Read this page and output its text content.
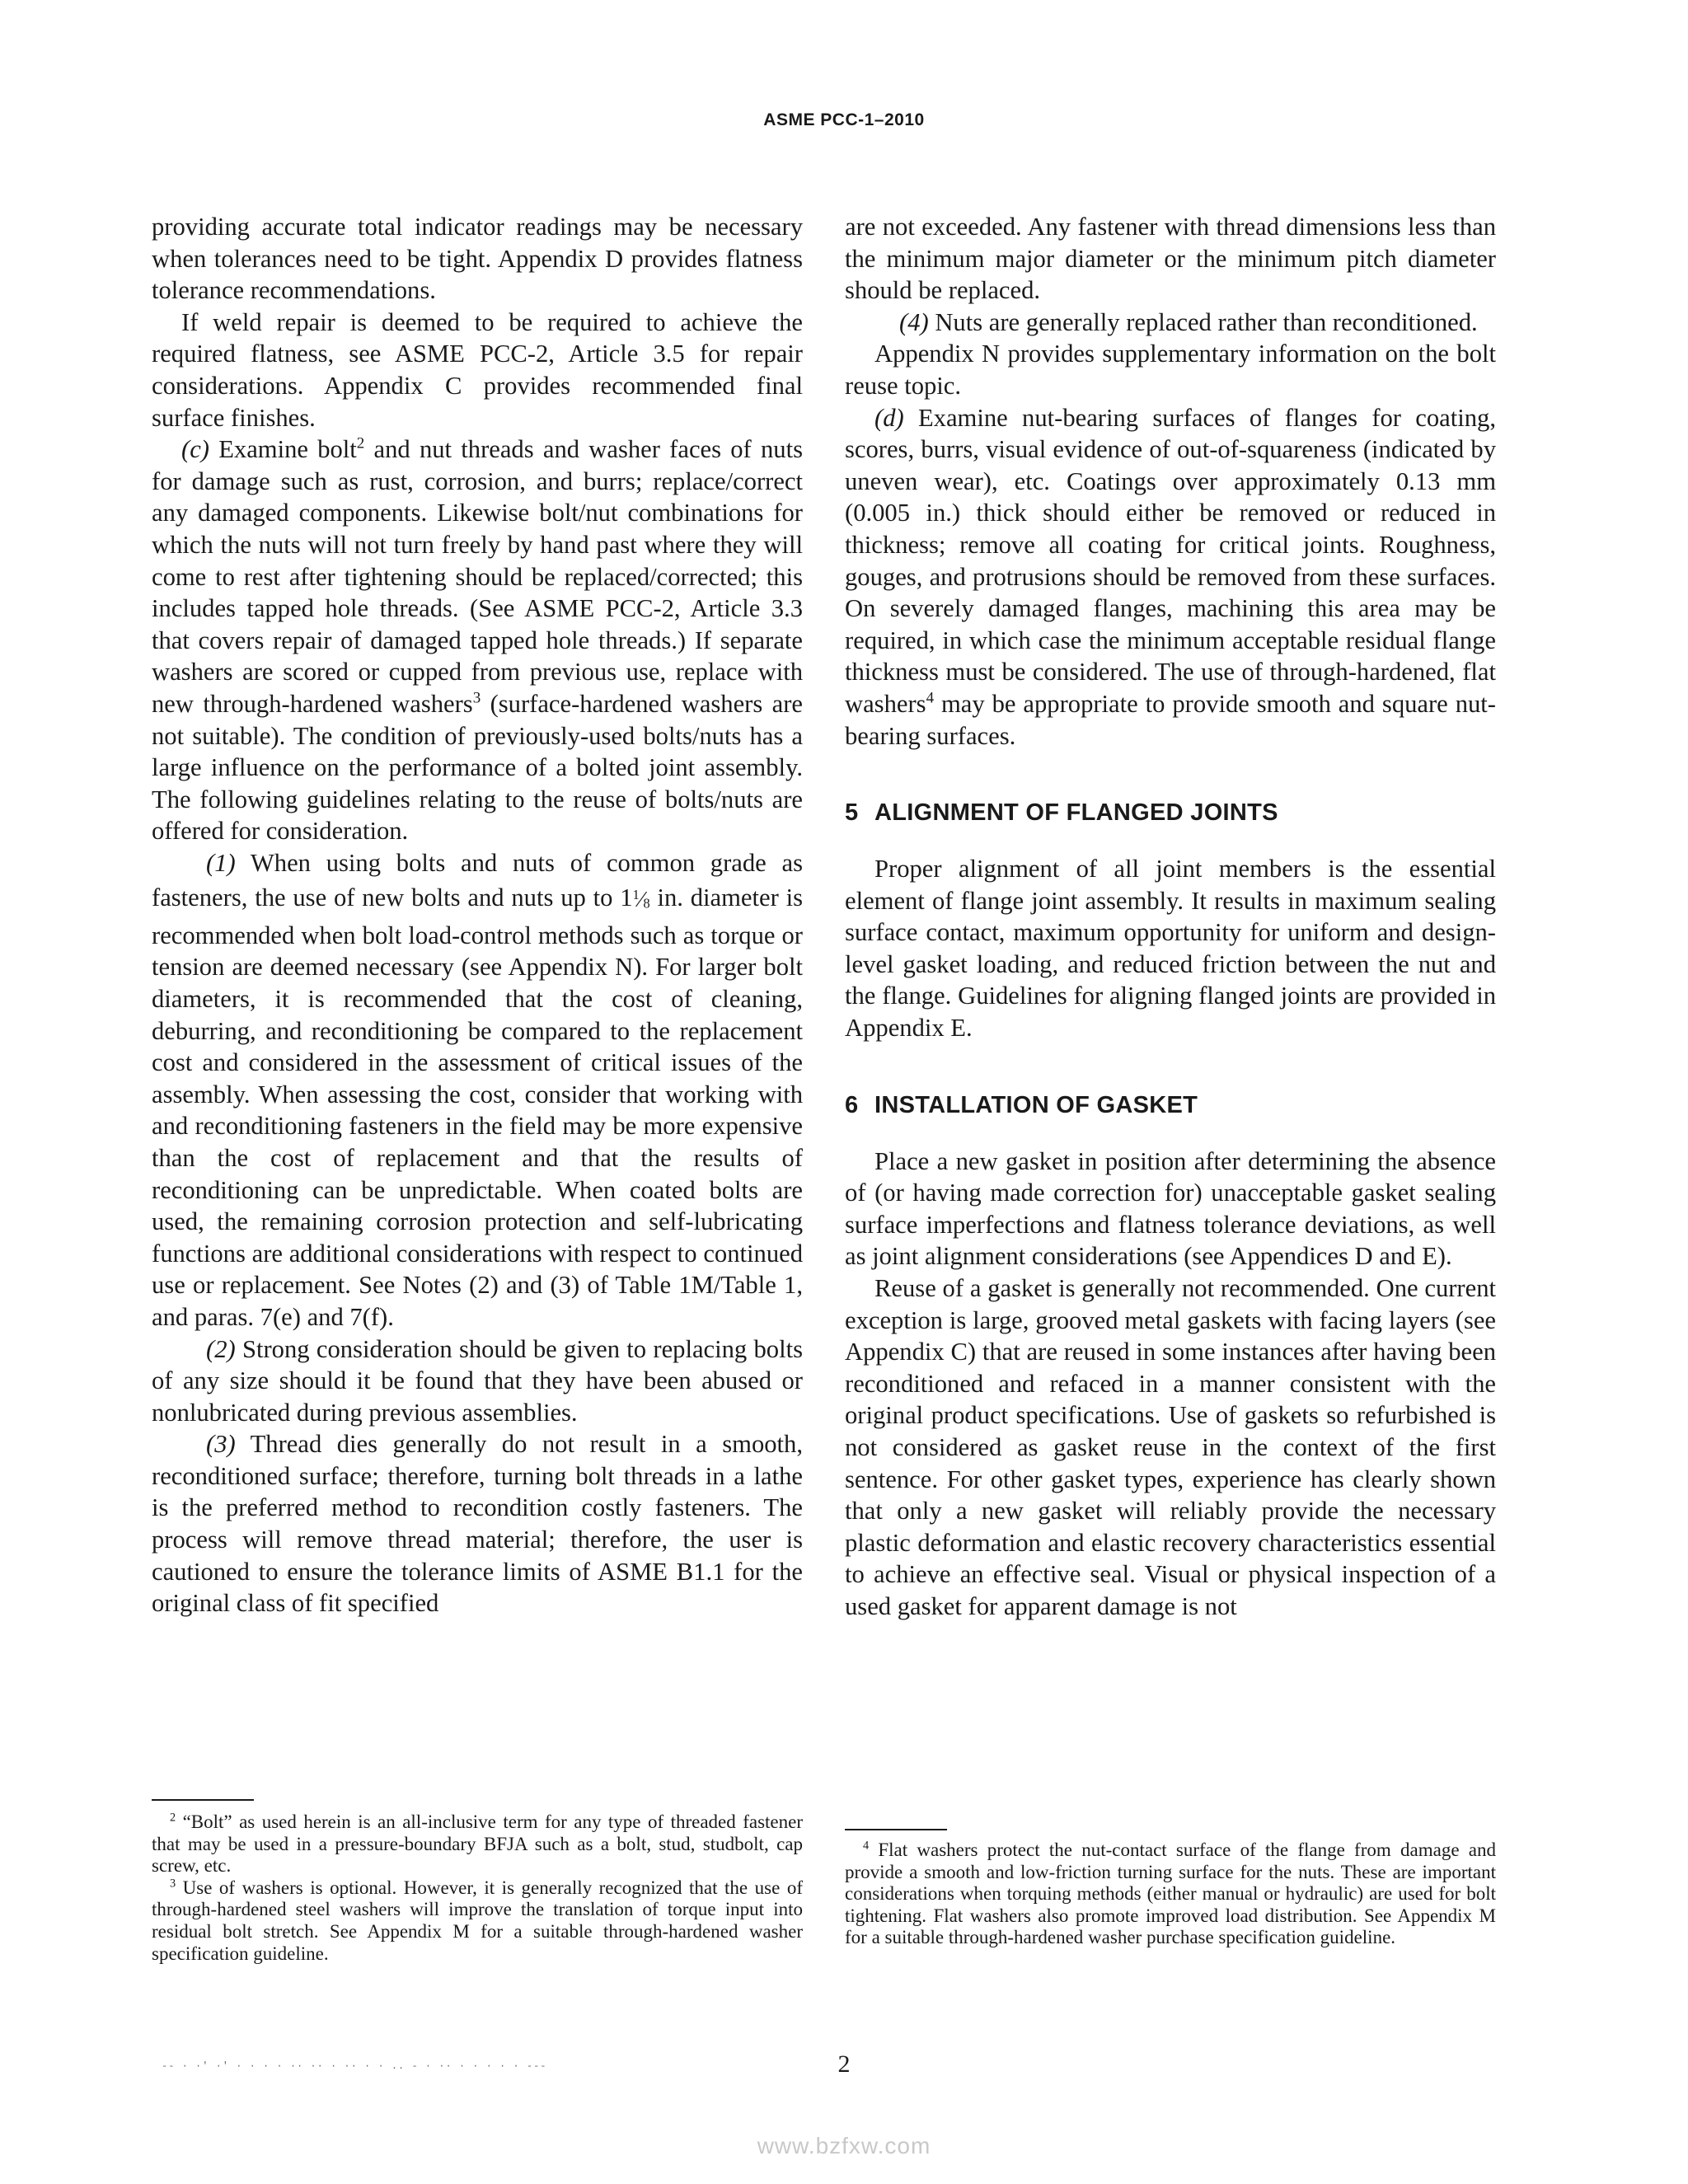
ASME PCC-1–2010

providing accurate total indicator readings may be necessary when tolerances need to be tight. Appendix D provides flatness tolerance recommendations.

If weld repair is deemed to be required to achieve the required flatness, see ASME PCC-2, Article 3.5 for repair considerations. Appendix C provides recommended final surface finishes.

(c) Examine bolt$^2$ and nut threads and washer faces of nuts for damage such as rust, corrosion, and burrs; replace/correct any damaged components. Likewise bolt/nut combinations for which the nuts will not turn freely by hand past where they will come to rest after tightening should be replaced/corrected; this includes tapped hole threads. (See ASME PCC-2, Article 3.3 that covers repair of damaged tapped hole threads.) If separate washers are scored or cupped from previous use, replace with new through-hardened washers$^3$ (surface-hardened washers are not suitable). The condition of previously-used bolts/nuts has a large influence on the performance of a bolted joint assembly. The following guidelines relating to the reuse of bolts/nuts are offered for consideration.

(1) When using bolts and nuts of common grade as fasteners, the use of new bolts and nuts up to $1^1⁄8$ in. diameter is recommended when bolt load-control methods such as torque or tension are deemed necessary (see Appendix N). For larger bolt diameters, it is recommended that the cost of cleaning, deburring, and reconditioning be compared to the replacement cost and considered in the assessment of critical issues of the assembly. When assessing the cost, consider that working with and reconditioning fasteners in the field may be more expensive than the cost of replacement and that the results of reconditioning can be unpredictable. When coated bolts are used, the remaining corrosion protection and self-lubricating functions are additional considerations with respect to continued use or replacement. See Notes (2) and (3) of Table 1M/Table 1, and paras. 7(e) and 7(f).

(2) Strong consideration should be given to replacing bolts of any size should it be found that they have been abused or nonlubricated during previous assemblies.

(3) Thread dies generally do not result in a smooth, reconditioned surface; therefore, turning bolt threads in a lathe is the preferred method to recondition costly fasteners. The process will remove thread material; therefore, the user is cautioned to ensure the tolerance limits of ASME B1.1 for the original class of fit specified

are not exceeded. Any fastener with thread dimensions less than the minimum major diameter or the minimum pitch diameter should be replaced.

(4) Nuts are generally replaced rather than reconditioned.

Appendix N provides supplementary information on the bolt reuse topic.

(d) Examine nut-bearing surfaces of flanges for coating, scores, burrs, visual evidence of out-of-squareness (indicated by uneven wear), etc. Coatings over approximately 0.13 mm (0.005 in.) thick should either be removed or reduced in thickness; remove all coating for critical joints. Roughness, gouges, and protrusions should be removed from these surfaces. On severely damaged flanges, machining this area may be required, in which case the minimum acceptable residual flange thickness must be considered. The use of through-hardened, flat washers$^4$ may be appropriate to provide smooth and square nut-bearing surfaces.

5 ALIGNMENT OF FLANGED JOINTS

Proper alignment of all joint members is the essential element of flange joint assembly. It results in maximum sealing surface contact, maximum opportunity for uniform and design-level gasket loading, and reduced friction between the nut and the flange. Guidelines for aligning flanged joints are provided in Appendix E.

6 INSTALLATION OF GASKET

Place a new gasket in position after determining the absence of (or having made correction for) unacceptable gasket sealing surface imperfections and flatness tolerance deviations, as well as joint alignment considerations (see Appendices D and E).

Reuse of a gasket is generally not recommended. One current exception is large, grooved metal gaskets with facing layers (see Appendix C) that are reused in some instances after having been reconditioned and refaced in a manner consistent with the original product specifications. Use of gaskets so refurbished is not considered as gasket reuse in the context of the first sentence. For other gasket types, experience has clearly shown that only a new gasket will reliably provide the necessary plastic deformation and elastic recovery characteristics essential to achieve an effective seal. Visual or physical inspection of a used gasket for apparent damage is not

$^2$ “Bolt” as used herein is an all-inclusive term for any type of threaded fastener that may be used in a pressure-boundary BFJA such as a bolt, stud, studbolt, cap screw, etc.

$^3$ Use of washers is optional. However, it is generally recognized that the use of through-hardened steel washers will improve the translation of torque input into residual bolt stretch. See Appendix M for a suitable through-hardened washer specification guideline.

$^4$ Flat washers protect the nut-contact surface of the flange from damage and provide a smooth and low-friction turning surface for the nuts. These are important considerations when torquing methods (either manual or hydraulic) are used for bolt tightening. Flat washers also promote improved load distribution. See Appendix M for a suitable through-hardened washer purchase specification guideline.

-- · ·' ·' · · · · ·· ·· · ·· · · .. - · ·· · · · · · ---	2
www.bzfxw.com
